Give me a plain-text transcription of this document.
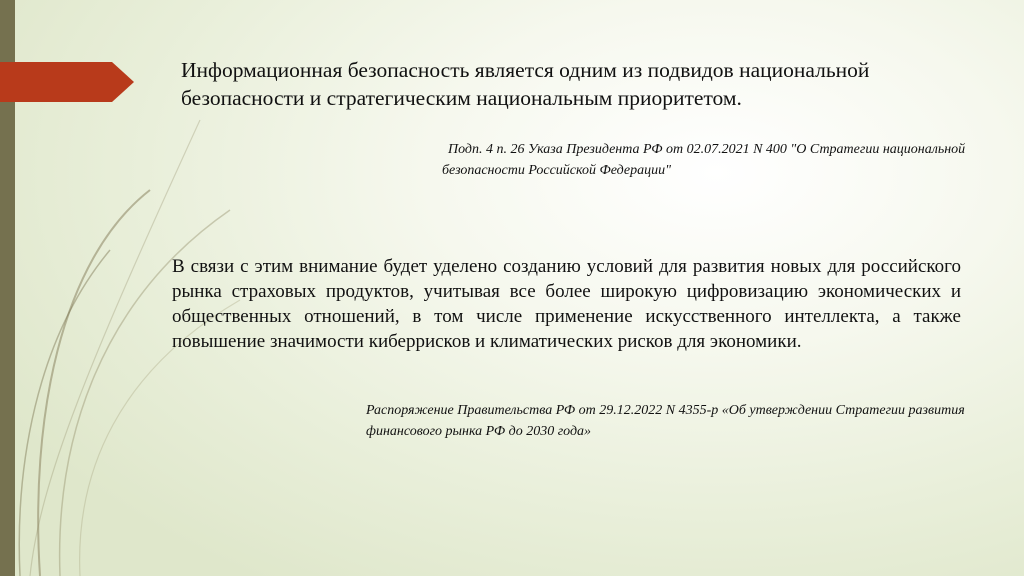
Информационная безопасность является одним из подвидов национальной безопасности и стратегическим национальным приоритетом.

Подп. 4 п. 26 Указа Президента РФ от 02.07.2021 N 400 "О Стратегии национальной безопасности Российской Федерации"

В связи с этим внимание будет уделено созданию условий для развития новых для российского рынка страховых продуктов, учитывая все более широкую цифровизацию экономических и общественных отношений, в том числе применение искусственного интеллекта, а также повышение значимости киберрисков и климатических рисков для экономики.

Распоряжение Правительства РФ от 29.12.2022 N 4355-р «Об утверждении Стратегии развития финансового рынка РФ до 2030 года»
